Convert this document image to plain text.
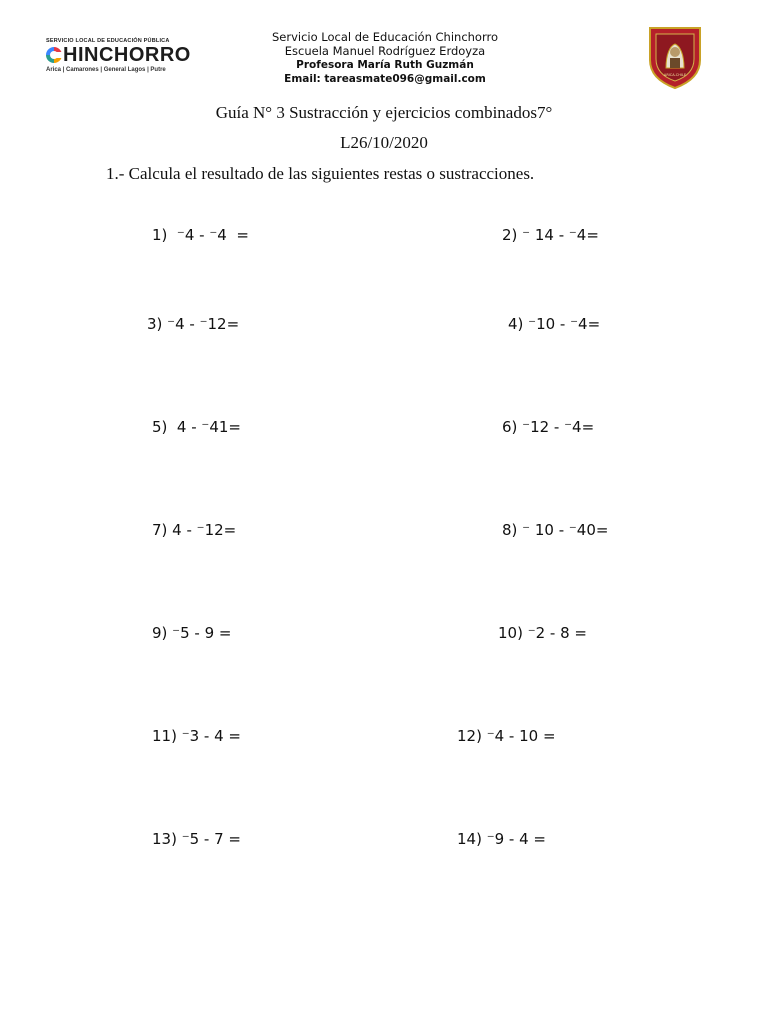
SERVICIO LOCAL DE EDUCACIÓN PÚBLICA
HINCHORRO
Arica | Camarones | General Lagos | Putre
Servicio Local de Educación Chinchorro
Escuela Manuel Rodríguez Erdoyza
Profesora María Ruth Guzmán
Email: tareasmate096@gmail.com	ARICA-CHILE
Guía N° 3 Sustracción y ejercicios combinados7°
L26/10/2020
1.- Calcula el resultado de las siguientes restas o sustracciones.
1)  ⁻4 - ⁻4  =	2) ⁻ 14 - ⁻4=
3) ⁻4 - ⁻12=	4) ⁻10 - ⁻4=
5)  4 - ⁻41=	6) ⁻12 - ⁻4=
7) 4 - ⁻12=	8) ⁻ 10 - ⁻40=
9) ⁻5 - 9 =	10) ⁻2 - 8 =
11) ⁻3 - 4 =	12) ⁻4 - 10 =
13) ⁻5 - 7 =	14) ⁻9 - 4 =
